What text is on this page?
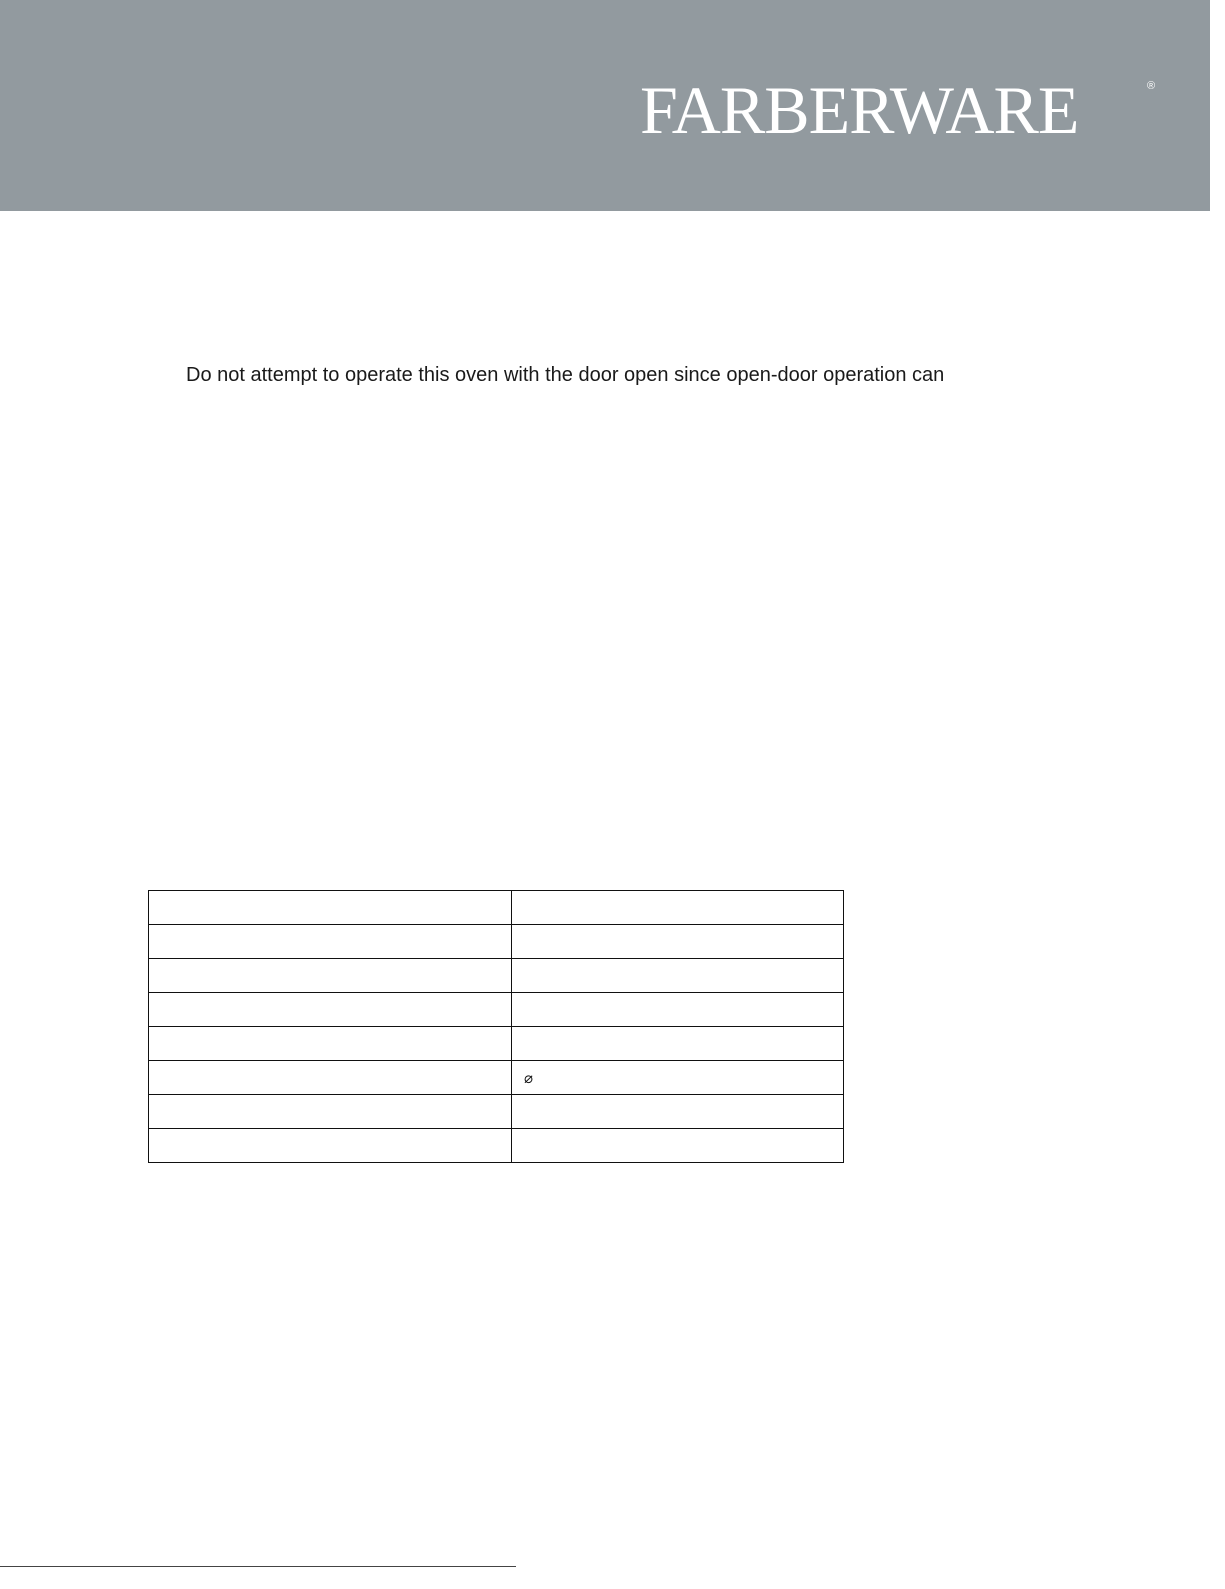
FARBERWARE	®
Do not attempt to operate this oven with the door open since open-door operation can

	⌀
